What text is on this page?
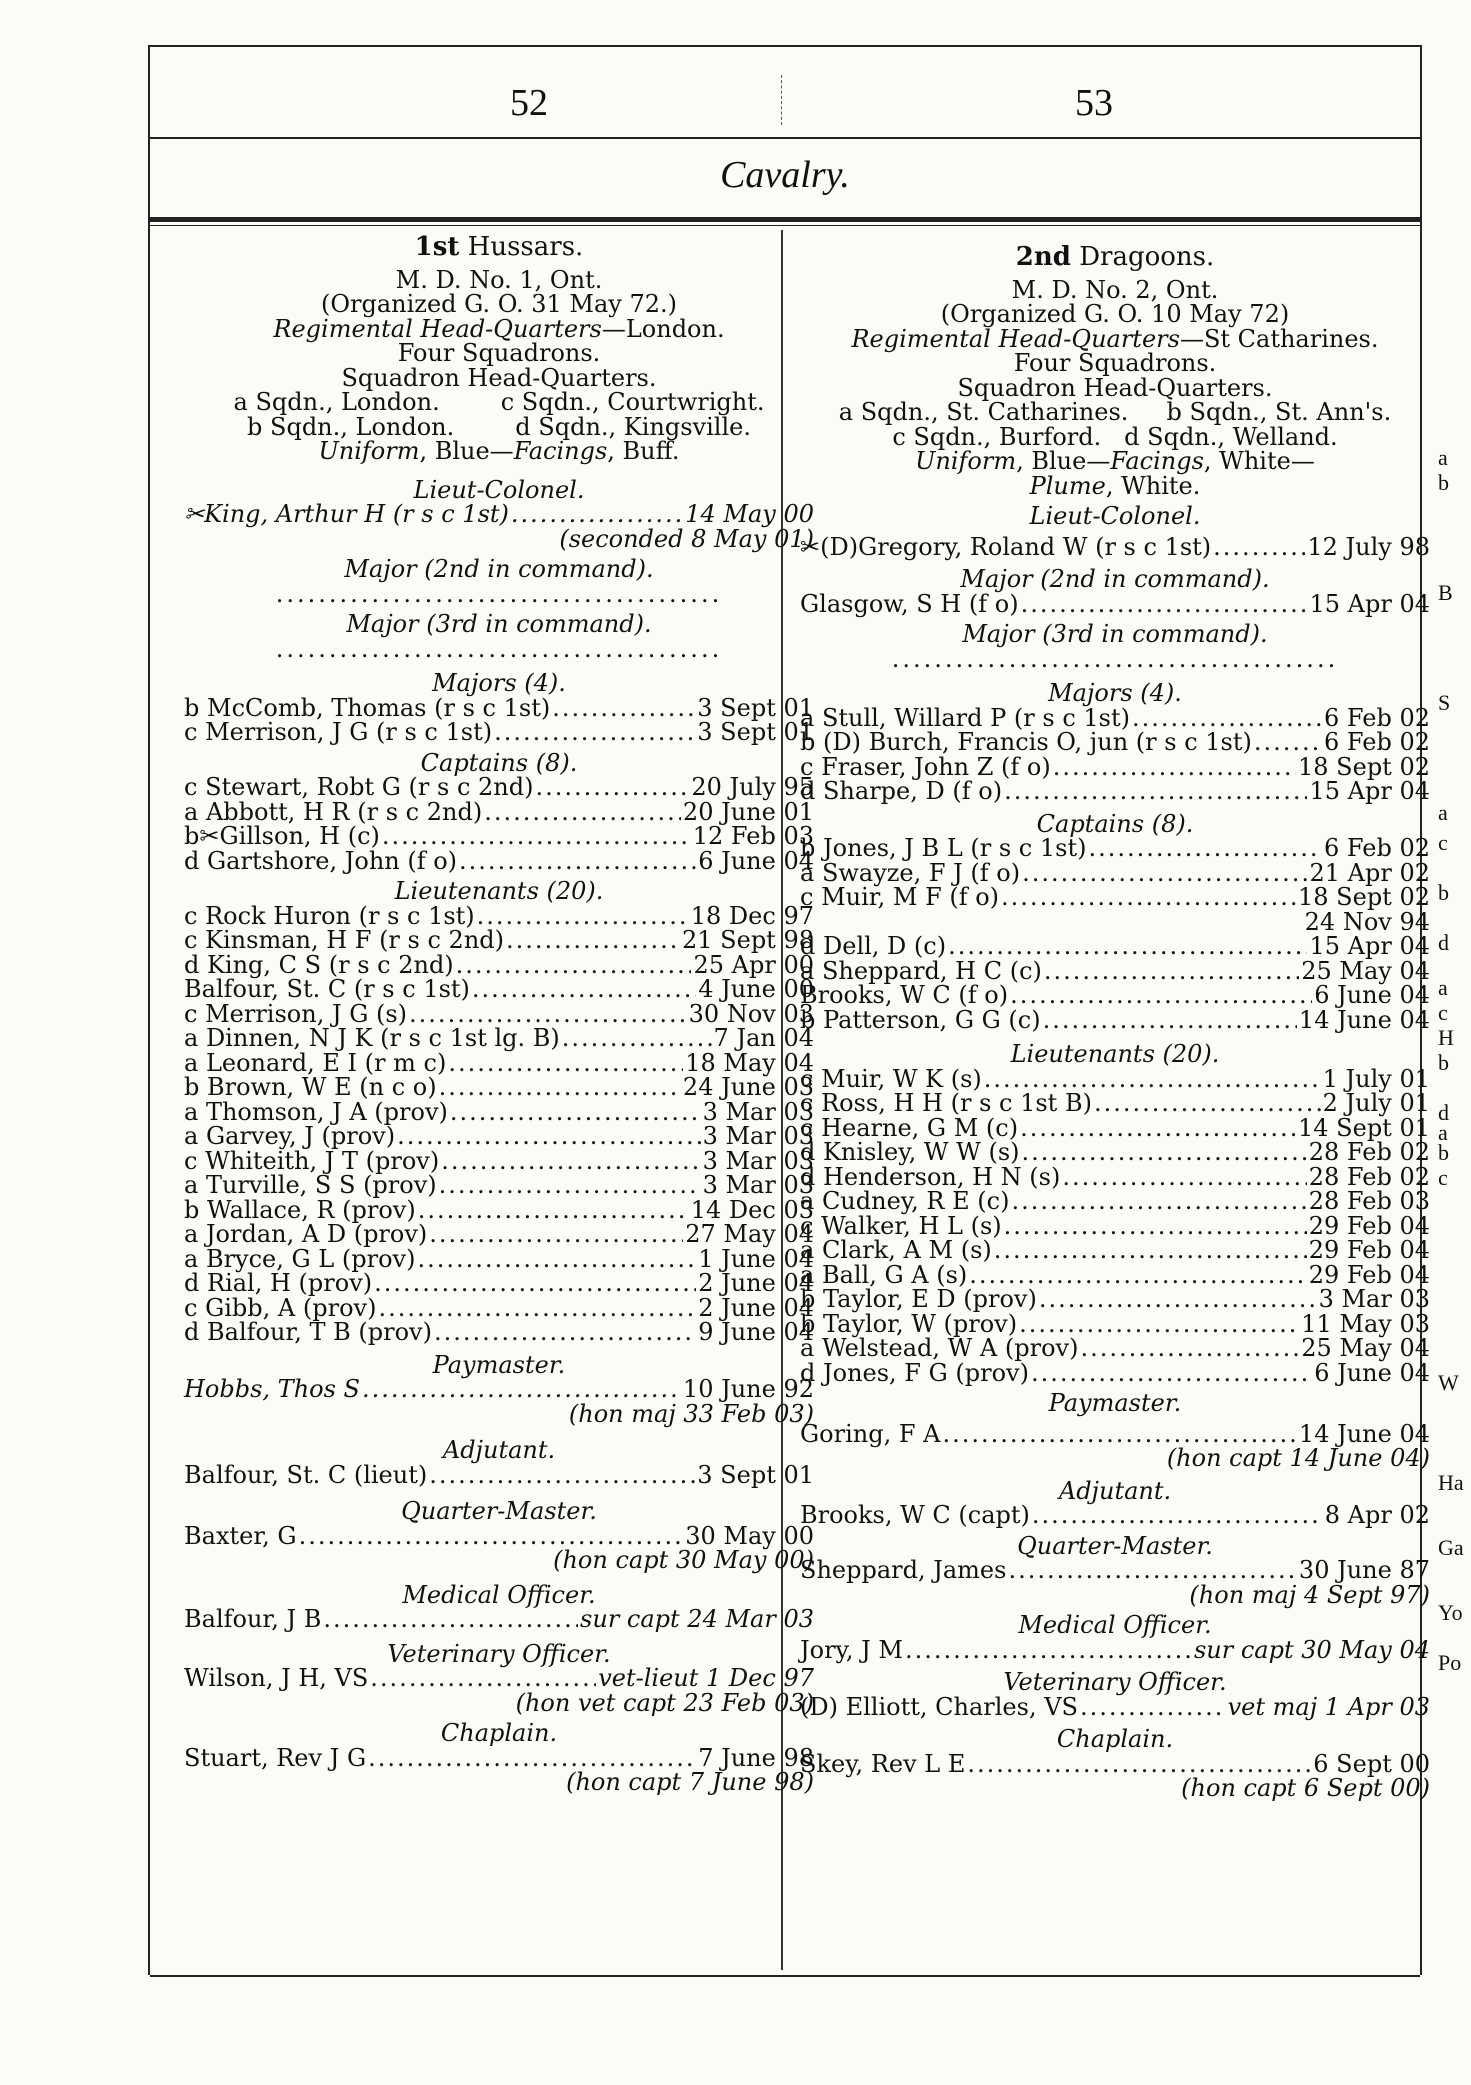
52	53
Cavalry.
1st Hussars.
M. D. No. 1, Ont.
(Organized G. O. 31 May 72.)
Regimental Head-Quarters—London.
Four Squadrons.
Squadron Head-Quarters.
a Sqdn., London.        c Sqdn., Courtwright.
b Sqdn., London.        d Sqdn., Kingsville.
Uniform, Blue—Facings, Buff.
Lieut-Colonel.
✂King, Arthur H (r s c 1st) .....	14 May 00
(seconded 8 May 01)
Major (2nd in command).
..........................................
Major (3rd in command).
..........................................
Majors (4).
b McComb, Thomas (r s c 1st) .....	3 Sept 01
c Merrison, J G (r s c 1st) .....	3 Sept 01
Captains (8).
c Stewart, Robt G (r s c 2nd) .....	20 July 95
a Abbott, H R (r s c 2nd) .....	20 June 01
b✂Gillson, H (c) .....	12 Feb 03
d Gartshore, John (f o) .....	6 June 04
Lieutenants (20).
c Rock Huron (r s c 1st) .....	18 Dec 97
c Kinsman, H F (r s c 2nd) .....	21 Sept 98
d King, C S (r s c 2nd) .....	25 Apr 00
Balfour, St. C (r s c 1st) .....	4 June 00
c Merrison, J G (s) .....	30 Nov 03
a Dinnen, N J K (r s c 1st lg. B) .....	7 Jan 04
a Leonard, E I (r m c) .....	18 May 04
b Brown, W E (n c o) .....	24 June 03
a Thomson, J A (prov) .....	3 Mar 03
a Garvey, J (prov) .....	3 Mar 03
c Whiteith, J T (prov) .....	3 Mar 03
a Turville, S S (prov) .....	3 Mar 03
b Wallace, R (prov) .....	14 Dec 03
a Jordan, A D (prov) .....	27 May 04
a Bryce, G L (prov) .....	1 June 04
d Rial, H (prov) .....	2 June 04
c Gibb, A (prov) .....	2 June 04
d Balfour, T B (prov) .....	9 June 04
Paymaster.
Hobbs, Thos S .....	10 June 92
(hon maj 33 Feb 03)
Adjutant.
Balfour, St. C (lieut) .....	3 Sept 01
Quarter-Master.
Baxter, G .....	30 May 00
(hon capt 30 May 00)
Medical Officer.
Balfour, J B .....	sur capt 24 Mar 03
Veterinary Officer.
Wilson, J H, VS .....	vet-lieut 1 Dec 97
(hon vet capt 23 Feb 03)
Chaplain.
Stuart, Rev J G .....	7 June 98
(hon capt 7 June 98)
2nd Dragoons.
M. D. No. 2, Ont.
(Organized G. O. 10 May 72)
Regimental Head-Quarters—St Catharines.
Four Squadrons.
Squadron Head-Quarters.
a Sqdn., St. Catharines.     b Sqdn., St. Ann's.
c Sqdn., Burford.   d Sqdn., Welland.
Uniform, Blue—Facings, White—
Plume, White.
Lieut-Colonel.
✂(D)Gregory, Roland W (r s c 1st) .....	12 July 98
Major (2nd in command).
Glasgow, S H (f o) .....	15 Apr 04
Major (3rd in command).
..........................................
Majors (4).
a Stull, Willard P (r s c 1st) .....	6 Feb 02
b (D) Burch, Francis O, jun (r s c 1st) .....	6 Feb 02
c Fraser, John Z (f o) .....	18 Sept 02
d Sharpe, D (f o) .....	15 Apr 04
Captains (8).
b Jones, J B L (r s c 1st) .....	6 Feb 02
a Swayze, F J (f o) .....	21 Apr 02
c Muir, M F (f o) .....	18 Sept 02
24 Nov 94
d Dell, D (c) .....	15 Apr 04
a Sheppard, H C (c) .....	25 May 04
Brooks, W C (f o) .....	6 June 04
b Patterson, G G (c) .....	14 June 04
Lieutenants (20).
c Muir, W K (s) .....	1 July 01
c Ross, H H (r s c 1st B) .....	2 July 01
c Hearne, G M (c) .....	14 Sept 01
d Knisley, W W (s) .....	28 Feb 02
d Henderson, H N (s) .....	28 Feb 02
a Cudney, R E (c) .....	28 Feb 03
c Walker, H L (s) .....	29 Feb 04
a Clark, A M (s) .....	29 Feb 04
a Ball, G A (s) .....	29 Feb 04
b Taylor, E D (prov) .....	3 Mar 03
b Taylor, W (prov) .....	11 May 03
a Welstead, W A (prov) .....	25 May 04
d Jones, F G (prov) .....	6 June 04
Paymaster.
Goring, F A .....	14 June 04
(hon capt 14 June 04)
Adjutant.
Brooks, W C (capt) .....	8 Apr 02
Quarter-Master.
Sheppard, James .....	30 June 87
(hon maj 4 Sept 97)
Medical Officer.
Jory, J M .....	sur capt 30 May 04
Veterinary Officer.
(D) Elliott, Charles, VS .....	vet maj 1 Apr 03
Chaplain.
Skey, Rev L E .....	6 Sept 00
(hon capt 6 Sept 00)
a
b
B
S
a
c
b
d
a
c
H
b
d
a
b
c
W
Ha
Ga
Yo
Po
